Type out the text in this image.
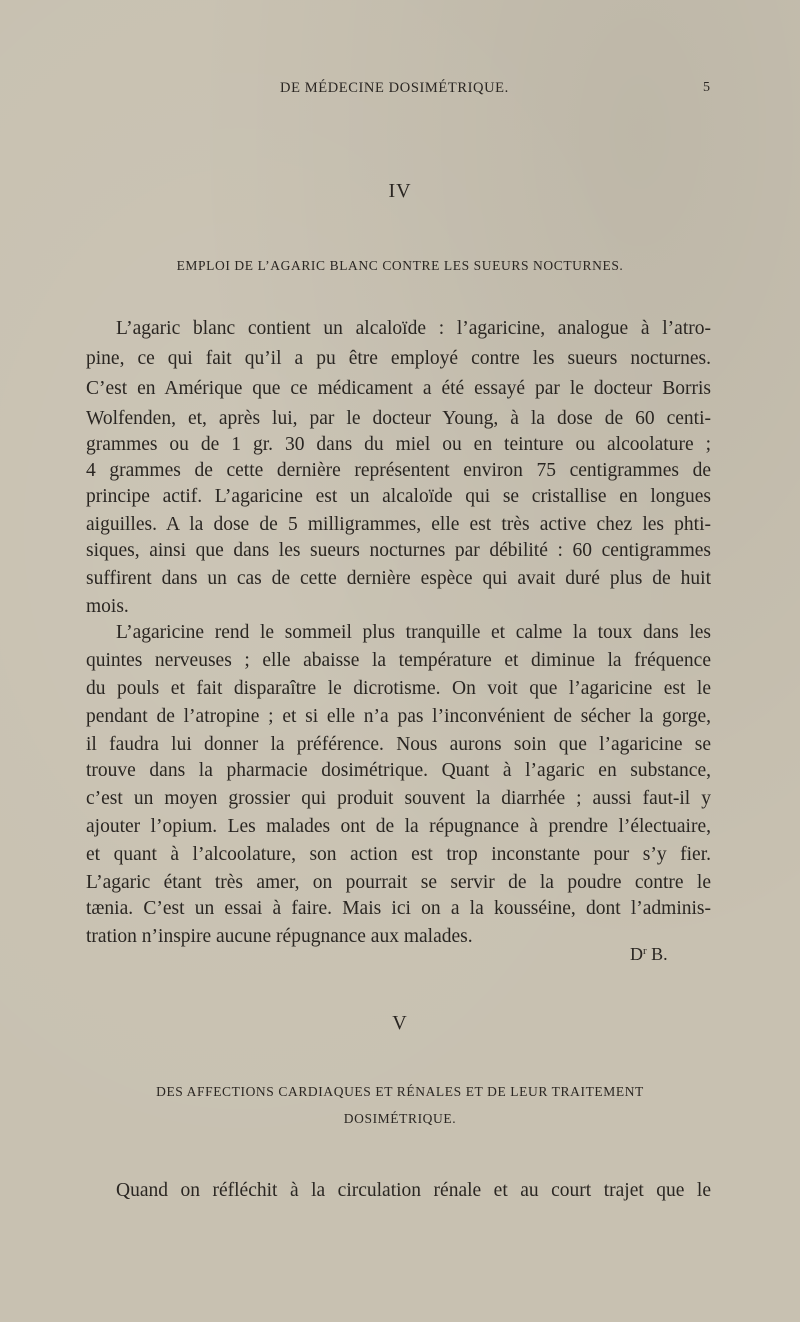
DE MÉDECINE DOSIMÉTRIQUE.	5
IV
EMPLOI DE L’AGARIC BLANC CONTRE LES SUEURS NOCTURNES.
L’agaric blanc contient un alcaloïde : l’agaricine, analogue à l’atro-
pine, ce qui fait qu’il a pu être employé contre les sueurs nocturnes.
C’est en Amérique que ce médicament a été essayé par le docteur Borris
Wolfenden, et, après lui, par le docteur Young, à la dose de 60 centi-
grammes ou de 1 gr. 30 dans du miel ou en teinture ou alcoolature ;
4 grammes de cette dernière représentent environ 75 centigrammes de
principe actif. L’agaricine est un alcaloïde qui se cristallise en longues
aiguilles. A la dose de 5 milligrammes, elle est très active chez les phti-
siques, ainsi que dans les sueurs nocturnes par débilité : 60 centigrammes
suffirent dans un cas de cette dernière espèce qui avait duré plus de huit
mois.
L’agaricine rend le sommeil plus tranquille et calme la toux dans les
quintes nerveuses ; elle abaisse la température et diminue la fréquence
du pouls et fait disparaître le dicrotisme. On voit que l’agaricine est le
pendant de l’atropine ; et si elle n’a pas l’inconvénient de sécher la gorge,
il faudra lui donner la préférence. Nous aurons soin que l’agaricine se
trouve dans la pharmacie dosimétrique. Quant à l’agaric en substance,
c’est un moyen grossier qui produit souvent la diarrhée ; aussi faut-il y
ajouter l’opium. Les malades ont de la répugnance à prendre l’électuaire,
et quant à l’alcoolature, son action est trop inconstante pour s’y fier.
L’agaric étant très amer, on pourrait se servir de la poudre contre le
tænia. C’est un essai à faire. Mais ici on a la kousséine, dont l’adminis-
tration n’inspire aucune répugnance aux malades.
$D^r$ B.
V
DES AFFECTIONS CARDIAQUES ET RÉNALES ET DE LEUR TRAITEMENT
DOSIMÉTRIQUE.
Quand on réfléchit à la circulation rénale et au court trajet que le
